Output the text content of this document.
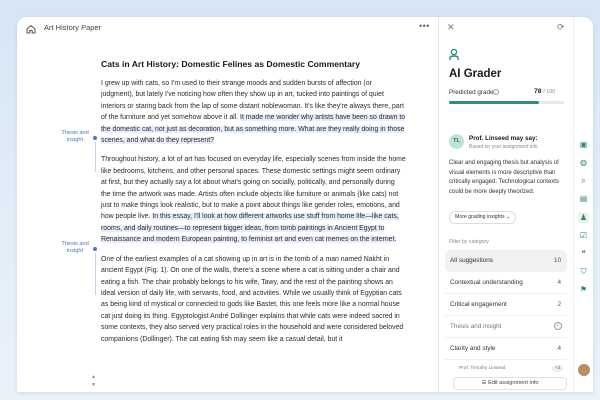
Art History Paper	•••
Thesis and
insight
Thesis and
insight
Cats in Art History: Domestic Felines as Domestic Commentary

I grew up with cats, so I'm used to their strange moods and sudden bursts of affection (or judgment), but lately I've noticing how often they show up in art, tucked into paintings of quiet interiors or staring back from the lap of some distant noblewoman. It's like they're always there, part of the furniture and yet somehow above it all. It made me wonder why artists have been so drawn to the domestic cat, not just as decoration, but as something more. What are they really doing in those scenes, and what do they represent?

Throughout history, a lot of art has focused on everyday life, especially scenes from inside the home like bedrooms, kitchens, and other personal spaces. These domestic settings might seem ordinary at first, but they actually say a lot about what's going on socially, politically, and personally during the time the artwork was made. Artists often include objects like furniture or animals (like cats) not just to make things look realistic, but to make a point about things like gender roles, emotions, and how people live. In this essay, I'll look at how different artworks use stuff from home life—like cats, rooms, and daily routines—to represent bigger ideas, from tomb paintings in Ancient Egypt to Renaissance and modern European painting, to feminist art and even cat memes on the internet.

One of the earliest examples of a cat showing up in art is in the tomb of a man named Nakht in ancient Egypt (Fig. 1). On one of the walls, there's a scene where a cat is sitting under a chair and eating a fish. The chair probably belongs to his wife, Tawy, and the rest of the painting shows an ideal version of daily life, with servants, food, and activities. While we usually think of Egyptian cats as being kind of mystical or connected to gods like Bastet, this one feels more like a normal house cat just doing its thing. Egyptologist André Dollinger explains that while cats were indeed sacred in some contexts, they also served very practical roles in the household and were considered beloved companions (Dollinger). The cat eating fish may seem like a casual detail, but it

▲
▼
✕	⟳
AI Grader
Predicted grade i	78 / 100
TL	Prof. Linseed may say:
Based on your assignment info
Clear and engaging thesis but analysis of visual elements is more descriptive than critically engaged. Technological contexts could be more deeply theorized.
More grading insights ⌄
Filter by category
All suggestions	10
Contextual understanding	4
Critical engagement	2
Thesis and insight	✓
Clarity and style	4
Prof. Timothy Linseed	+2
☰ Edit assignment info
▣
◍
⌕
▤
♟
☑
❝
⛉
⚑
